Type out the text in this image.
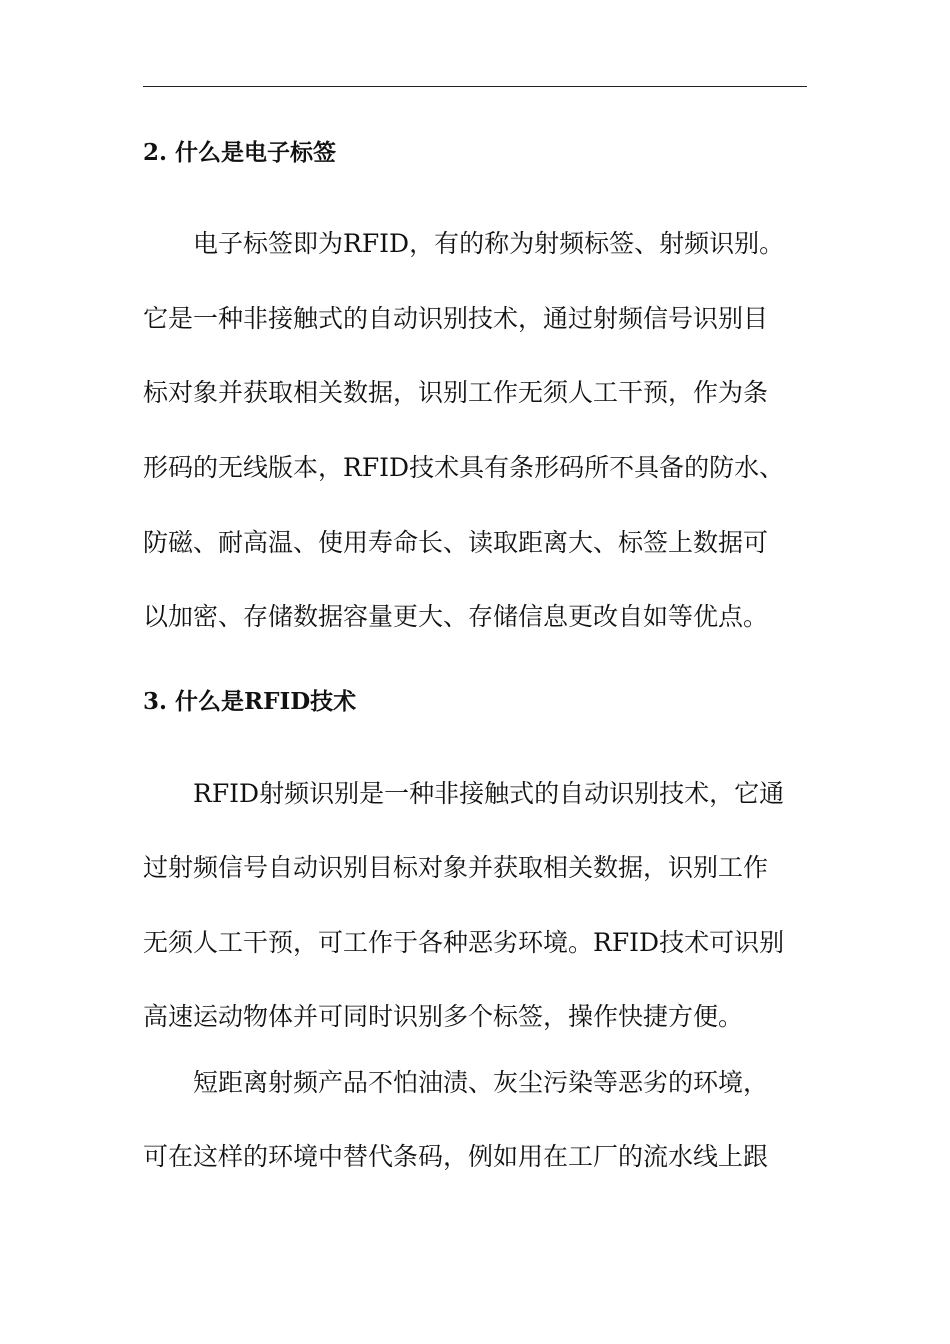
2. 什么是电子标签

电子标签即为RFID，有的称为射频标签、射频识别。

它是一种非接触式的自动识别技术，通过射频信号识别目

标对象并获取相关数据，识别工作无须人工干预，作为条

形码的无线版本，RFID技术具有条形码所不具备的防水、

防磁、耐高温、使用寿命长、读取距离大、标签上数据可

以加密、存储数据容量更大、存储信息更改自如等优点。

3. 什么是RFID技术

RFID射频识别是一种非接触式的自动识别技术，它通

过射频信号自动识别目标对象并获取相关数据，识别工作

无须人工干预，可工作于各种恶劣环境。RFID技术可识别

高速运动物体并可同时识别多个标签，操作快捷方便。

短距离射频产品不怕油渍、灰尘污染等恶劣的环境，

可在这样的环境中替代条码，例如用在工厂的流水线上跟
